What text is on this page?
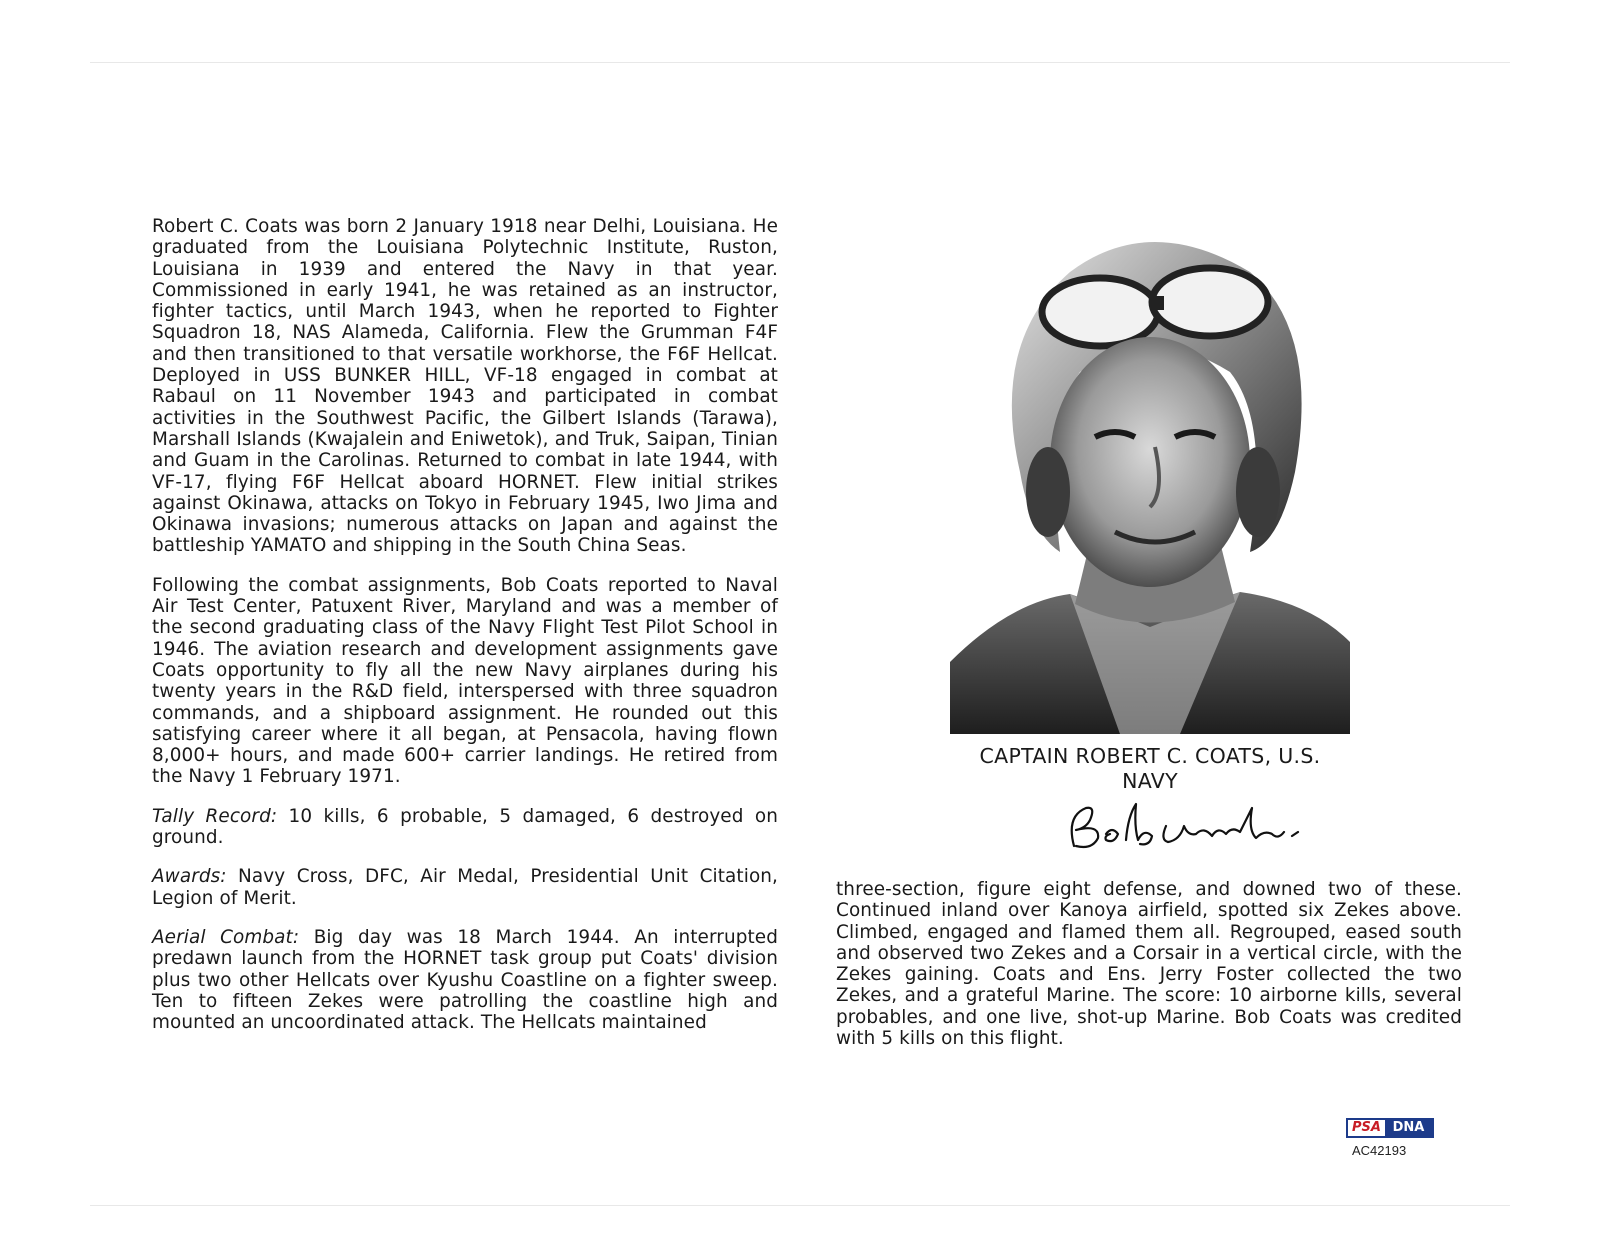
Robert C. Coats was born 2 January 1918 near Delhi, Louisiana. He graduated from the Louisiana Polytechnic Institute, Ruston, Louisiana in 1939 and entered the Navy in that year. Commissioned in early 1941, he was retained as an instructor, fighter tactics, until March 1943, when he reported to Fighter Squadron 18, NAS Alameda, California. Flew the Grumman F4F and then transitioned to that versatile workhorse, the F6F Hellcat. Deployed in USS BUNKER HILL, VF-18 engaged in combat at Rabaul on 11 November 1943 and participated in combat activities in the Southwest Pacific, the Gilbert Islands (Tarawa), Marshall Islands (Kwajalein and Eniwetok), and Truk, Saipan, Tinian and Guam in the Carolinas. Returned to combat in late 1944, with VF-17, flying F6F Hellcat aboard HORNET. Flew initial strikes against Okinawa, attacks on Tokyo in February 1945, Iwo Jima and Okinawa invasions; numerous attacks on Japan and against the battleship YAMATO and shipping in the South China Seas.

Following the combat assignments, Bob Coats reported to Naval Air Test Center, Patuxent River, Maryland and was a member of the second graduating class of the Navy Flight Test Pilot School in 1946. The aviation research and development assignments gave Coats opportunity to fly all the new Navy airplanes during his twenty years in the R&D field, interspersed with three squadron commands, and a shipboard assignment. He rounded out this satisfying career where it all began, at Pensacola, having flown 8,000+ hours, and made 600+ carrier landings. He retired from the Navy 1 February 1971.

Tally Record: 10 kills, 6 probable, 5 damaged, 6 destroyed on ground.

Awards: Navy Cross, DFC, Air Medal, Presidential Unit Citation, Legion of Merit.

Aerial Combat: Big day was 18 March 1944. An interrupted predawn launch from the HORNET task group put Coats' division plus two other Hellcats over Kyushu Coastline on a fighter sweep. Ten to fifteen Zekes were patrolling the coastline high and mounted an uncoordinated attack. The Hellcats maintained

three-section, figure eight defense, and downed two of these. Continued inland over Kanoya airfield, spotted six Zekes above. Climbed, engaged and flamed them all. Regrouped, eased south and observed two Zekes and a Corsair in a vertical circle, with the Zekes gaining. Coats and Ens. Jerry Foster collected the two Zekes, and a grateful Marine. The score: 10 airborne kills, several probables, and one live, shot-up Marine. Bob Coats was credited with 5 kills on this flight.

CAPTAIN ROBERT C. COATS, U.S.
NAVY
PSA DNA
AC42193
